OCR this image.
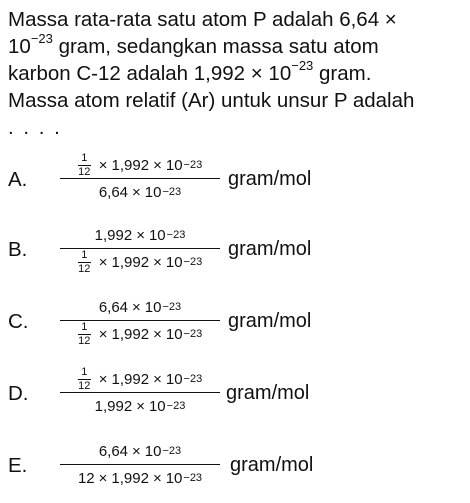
Massa rata-rata satu atom P adalah 6,64 ×
$10^{-23}$ gram, sedangkan massa satu atom
karbon C-12 adalah $1,992 \times 10^{-23}$ gram.
Massa atom relatif (Ar) untuk unsur P adalah
. . . .
A.
1
12 × 1,992 × 10 −23
6,64 × 10 −23
gram/mol
B.
1,992 × 10 −23
1
12 × 1,992 × 10 −23
gram/mol
C.
6,64 × 10 −23
1
12 × 1,992 × 10 −23
gram/mol
D.
1
12 × 1,992 × 10 −23
1,992 × 10 −23
gram/mol
E.
6,64 × 10 −23
12 × 1,992 × 10 −23
gram/mol
